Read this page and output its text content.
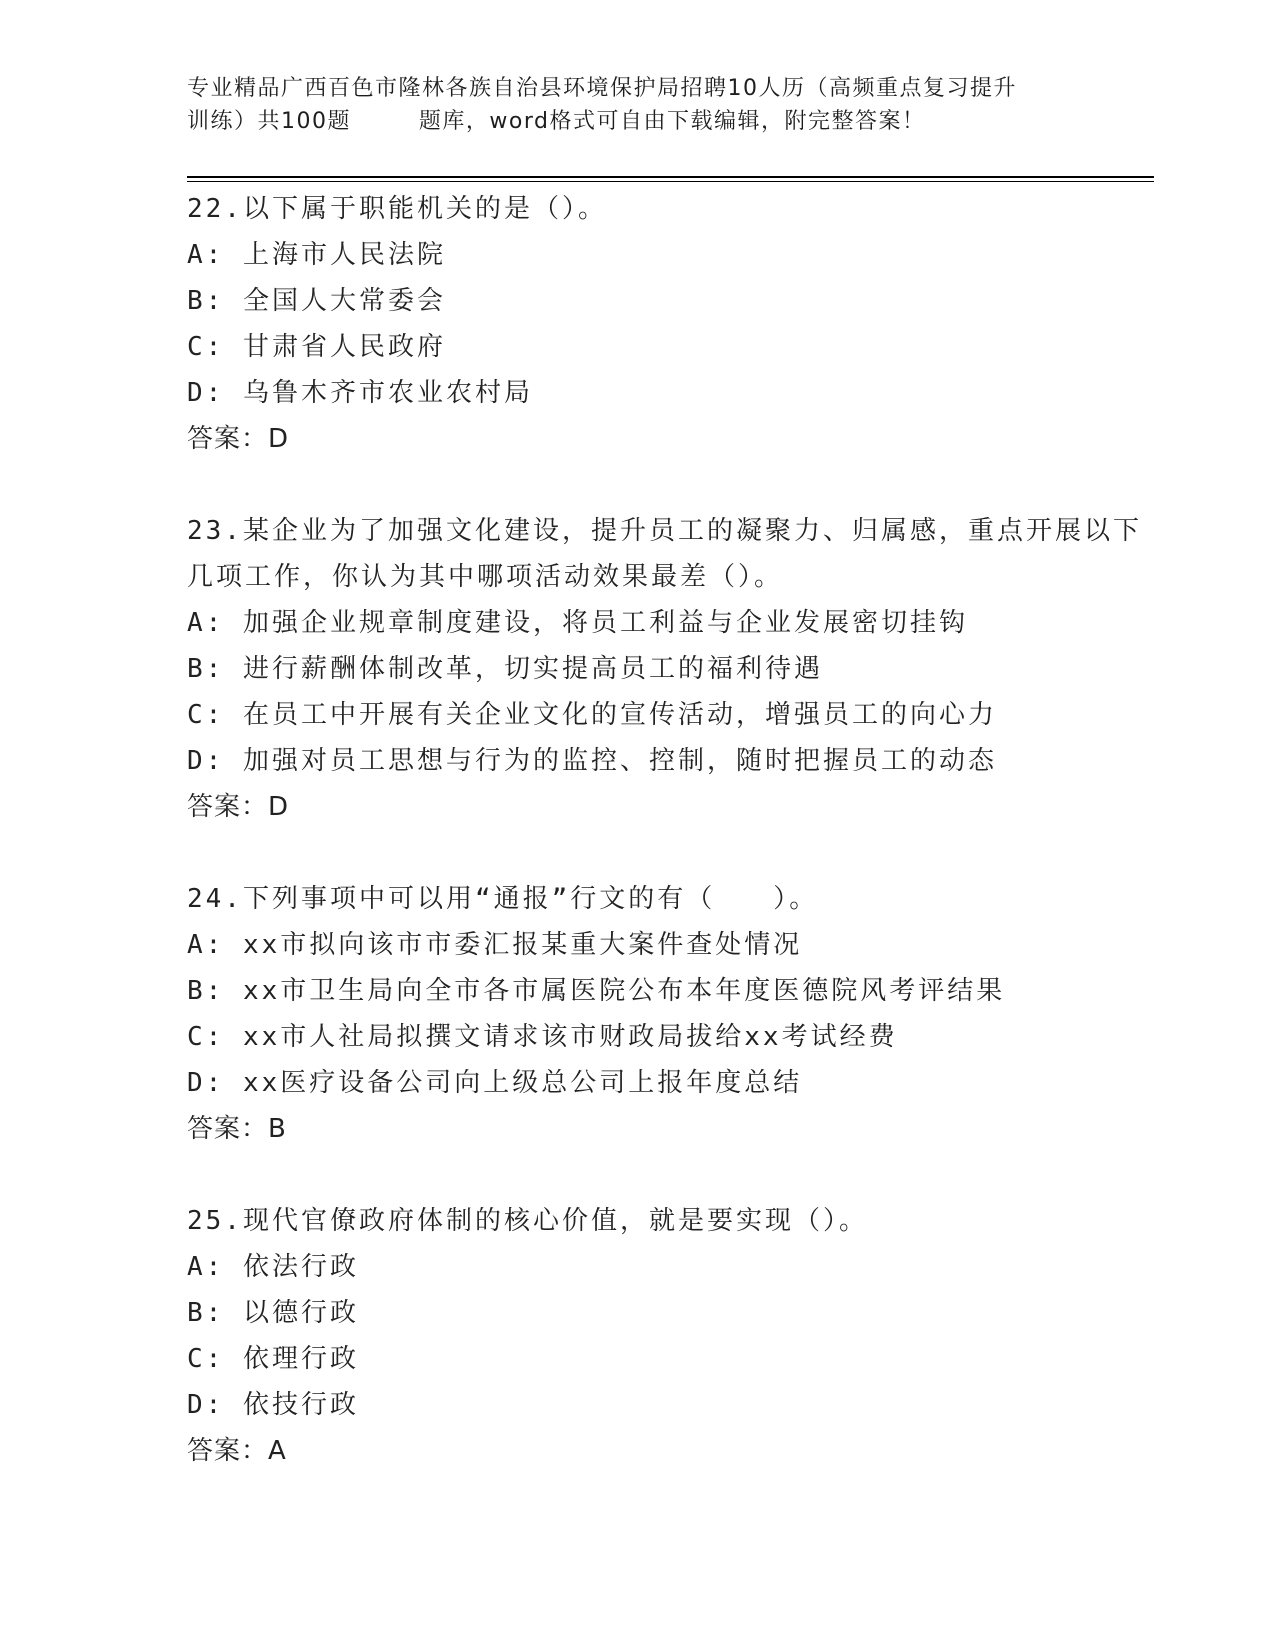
专业精品广西百色市隆林各族自治县环境保护局招聘10人历（高频重点复习提升
训练）共100题        题库，word格式可自由下载编辑，附完整答案！
22.以下属于职能机关的是（）。
A: 上海市人民法院
B: 全国人大常委会
C: 甘肃省人民政府
D: 乌鲁木齐市农业农村局
答案：D
23.某企业为了加强文化建设，提升员工的凝聚力、归属感，重点开展以下几项工作，你认为其中哪项活动效果最差（）。
A: 加强企业规章制度建设，将员工利益与企业发展密切挂钩
B: 进行薪酬体制改革，切实提高员工的福利待遇
C: 在员工中开展有关企业文化的宣传活动，增强员工的向心力
D: 加强对员工思想与行为的监控、控制，随时把握员工的动态
答案：D
24.下列事项中可以用“通报”行文的有（　　）。
A: xx市拟向该市市委汇报某重大案件查处情况
B: xx市卫生局向全市各市属医院公布本年度医德院风考评结果
C: xx市人社局拟撰文请求该市财政局拔给xx考试经费
D: xx医疗设备公司向上级总公司上报年度总结
答案：B
25.现代官僚政府体制的核心价值，就是要实现（）。
A: 依法行政
B: 以德行政
C: 依理行政
D: 依技行政
答案：A
